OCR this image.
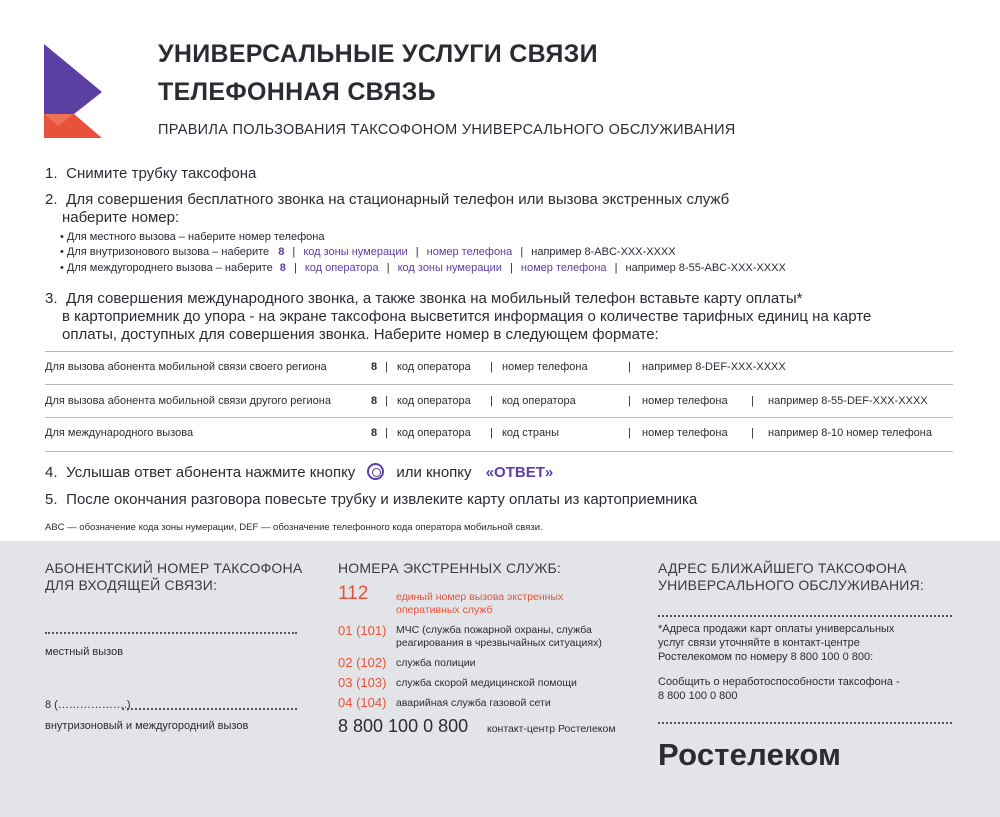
УНИВЕРСАЛЬНЫЕ УСЛУГИ СВЯЗИ
ТЕЛЕФОННАЯ СВЯЗЬ
ПРАВИЛА ПОЛЬЗОВАНИЯ ТАКСОФОНОМ УНИВЕРСАЛЬНОГО ОБСЛУЖИВАНИЯ
1. Снимите трубку таксофона
2. Для совершения бесплатного звонка на стационарный телефон или вызова экстренных служб
наберите номер:
• Для местного вызова – наберите номер телефона
• Для внутризонового вызова – наберите 8 | код зоны нумерации | номер телефона | например 8-ABC-XXX-XXXX
• Для междугороднего вызова – наберите 8 | код оператора | код зоны нумерации | номер телефона | например 8-55-ABC-XXX-XXXX
3. Для совершения международного звонка, а также звонка на мобильный телефон вставьте карту оплаты*
в картоприемник до упора - на экране таксофона высветится информация о количестве тарифных единиц на карте
оплаты, доступных для совершения звонка. Наберите номер в следующем формате:
Для вызова абонента мобильной связи своего региона	8 | код оператора | номер телефона	| например 8-DEF-XXX-XXXX
Для вызова абонента мобильной связи другого региона	8 | код оператора | код оператора	| номер телефона | например 8-55-DEF-XXX-XXXX
Для международного вызова	8 | код оператора | код страны	| номер телефона | например 8-10 номер телефона
4. Услышав ответ абонента нажмите кнопку	или кнопку «ОТВЕТ»
5. После окончания разговора повесьте трубку и извлеките карту оплаты из картоприемника
ABC — обозначение кода зоны нумерации, DEF — обозначение телефонного кода оператора мобильной связи.
АБОНЕНТСКИЙ НОМЕР ТАКСОФОНА
ДЛЯ ВХОДЯЩЕЙ СВЯЗИ:
местный вызов
8 (……………….)
внутризоновый и междугородний вызов
НОМЕРА ЭКСТРЕННЫХ СЛУЖБ:
112	единый номер вызова экстренных
оперативных служб
01 (101) МЧС (служба пожарной охраны, служба
реагирования в чрезвычайных ситуациях)
02 (102) служба полиции
03 (103) служба скорой медицинской помощи
04 (104) аварийная служба газовой сети
8 800 100 0 800 контакт-центр Ростелеком
АДРЕС БЛИЖАЙШЕГО ТАКСОФОНА
УНИВЕРСАЛЬНОГО ОБСЛУЖИВАНИЯ:
*Адреса продажи карт оплаты универсальных
услуг связи уточняйте в контакт-центре
Ростелекомом по номеру 8 800 100 0 800:
Сообщить о неработоспособности таксофона -
8 800 100 0 800
Ростелеком
